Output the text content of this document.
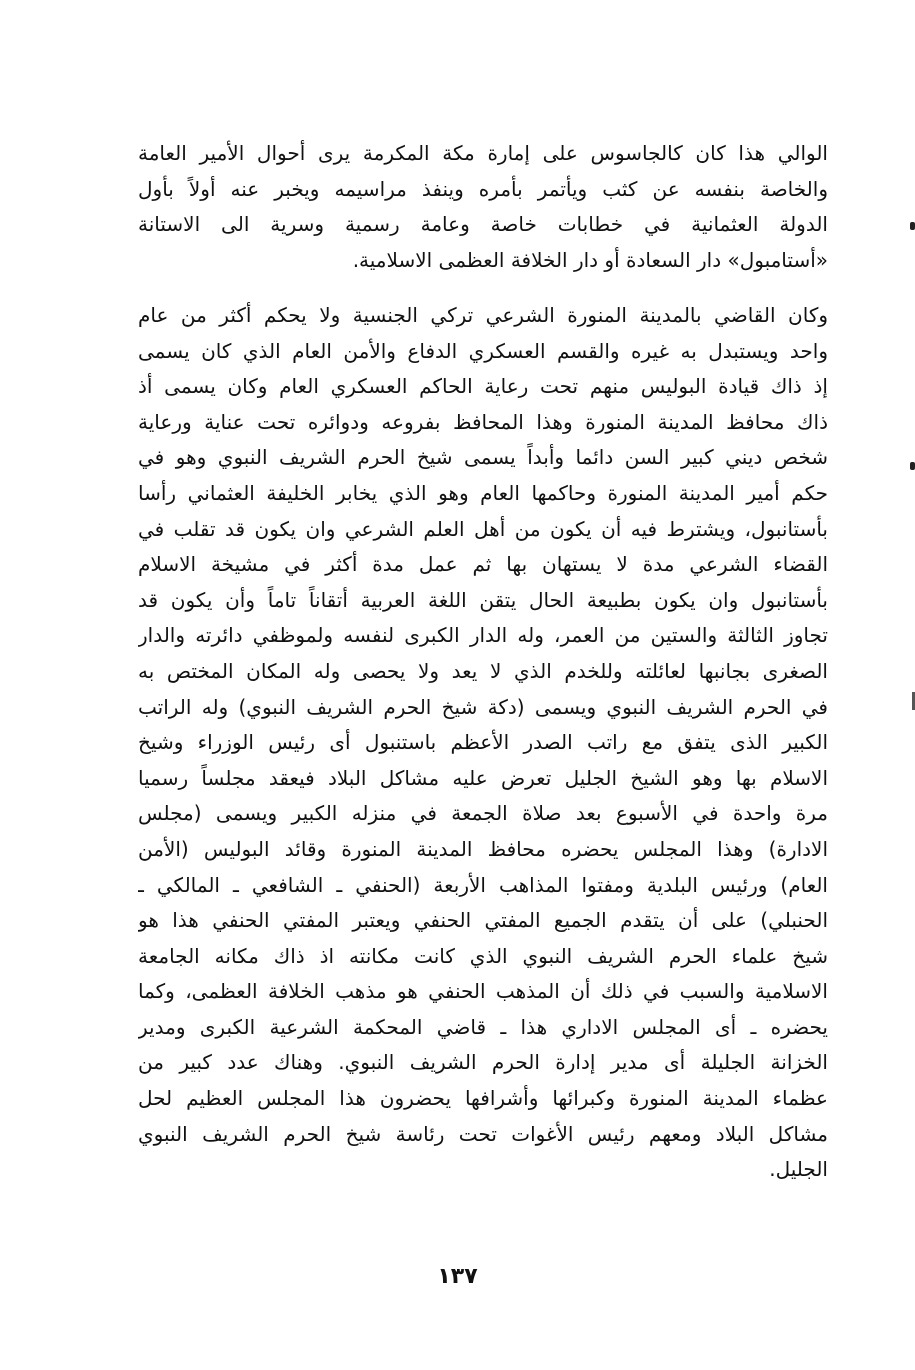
الوالي هذا كان كالجاسوس على إمارة مكة المكرمة يرى أحوال الأمير العامة
والخاصة بنفسه عن كثب ويأتمر بأمره وينفذ مراسيمه ويخبر عنه أولاً بأول
الدولة العثمانية في خطابات خاصة وعامة رسمية وسرية الى الاستانة
«أستامبول» دار السعادة أو دار الخلافة العظمى الاسلامية.
وكان القاضي بالمدينة المنورة الشرعي تركي الجنسية ولا يحكم أكثر من عام
واحد ويستبدل به غيره والقسم العسكري الدفاع والأمن العام الذي كان يسمى
إذ ذاك قيادة البوليس منهم تحت رعاية الحاكم العسكري العام وكان يسمى أذ
ذاك محافظ المدينة المنورة وهذا المحافظ بفروعه ودوائره تحت عناية ورعاية
شخص ديني كبير السن دائما وأبداً يسمى شيخ الحرم الشريف النبوي وهو في
حكم أمير المدينة المنورة وحاكمها العام وهو الذي يخابر الخليفة العثماني رأسا
بأستانبول، ويشترط فيه أن يكون من أهل العلم الشرعي وان يكون قد تقلب في
القضاء الشرعي مدة لا يستهان بها ثم عمل مدة أكثر في مشيخة الاسلام
بأستانبول وان يكون بطبيعة الحال يتقن اللغة العربية أتقاناً تاماً وأن يكون قد
تجاوز الثالثة والستين من العمر، وله الدار الكبرى لنفسه ولموظفي دائرته والدار
الصغرى بجانبها لعائلته وللخدم الذي لا يعد ولا يحصى وله المكان المختص به
في الحرم الشريف النبوي ويسمى (دكة شيخ الحرم الشريف النبوي) وله الراتب
الكبير الذى يتفق مع راتب الصدر الأعظم باستنبول أى رئيس الوزراء وشيخ
الاسلام بها وهو الشيخ الجليل تعرض عليه مشاكل البلاد فيعقد مجلساً رسميا
مرة واحدة في الأسبوع بعد صلاة الجمعة في منزله الكبير ويسمى (مجلس
الادارة) وهذا المجلس يحضره محافظ المدينة المنورة وقائد البوليس (الأمن
العام) ورئيس البلدية ومفتوا المذاهب الأربعة (الحنفي ـ الشافعي ـ المالكي ـ
الحنبلي) على أن يتقدم الجميع المفتي الحنفي ويعتبر المفتي الحنفي هذا هو
شيخ علماء الحرم الشريف النبوي الذي كانت مكانته اذ ذاك مكانه الجامعة
الاسلامية والسبب في ذلك أن المذهب الحنفي هو مذهب الخلافة العظمى، وكما
يحضره ـ أى المجلس الاداري هذا ـ قاضي المحكمة الشرعية الكبرى ومدير
الخزانة الجليلة أى مدير إدارة الحرم الشريف النبوي. وهناك عدد كبير من
عظماء المدينة المنورة وكبرائها وأشرافها يحضرون هذا المجلس العظيم لحل
مشاكل البلاد ومعهم رئيس الأغوات تحت رئاسة شيخ الحرم الشريف النبوي
الجليل.
١٣٧
